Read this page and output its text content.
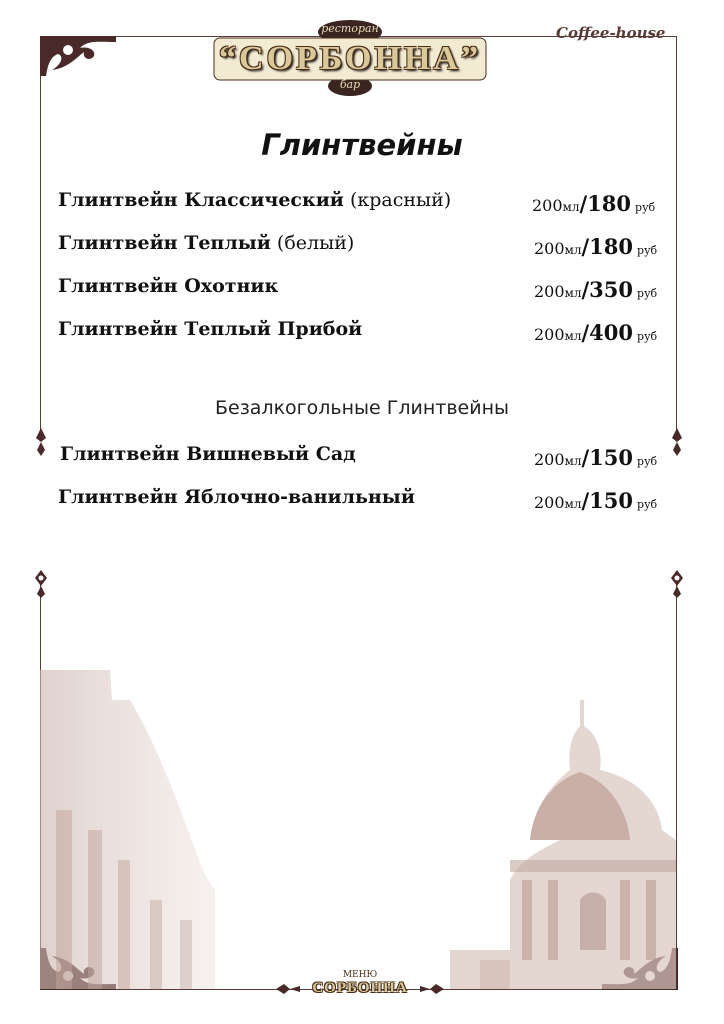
ресторан
“СОРБОННА”
бар
Coffee-house
Глинтвейны
Глинтвейн Классический (красный)	200мл/180 руб
Глинтвейн Теплый (белый)	200мл/180 руб
Глинтвейн Охотник	200мл/350 руб
Глинтвейн Теплый Прибой	200мл/400 руб
Безалкогольные Глинтвейны
Глинтвейн Вишневый Сад	200мл/150 руб
Глинтвейн Яблочно-ванильный	200мл/150 руб
МЕНЮ
СОРБОННА
